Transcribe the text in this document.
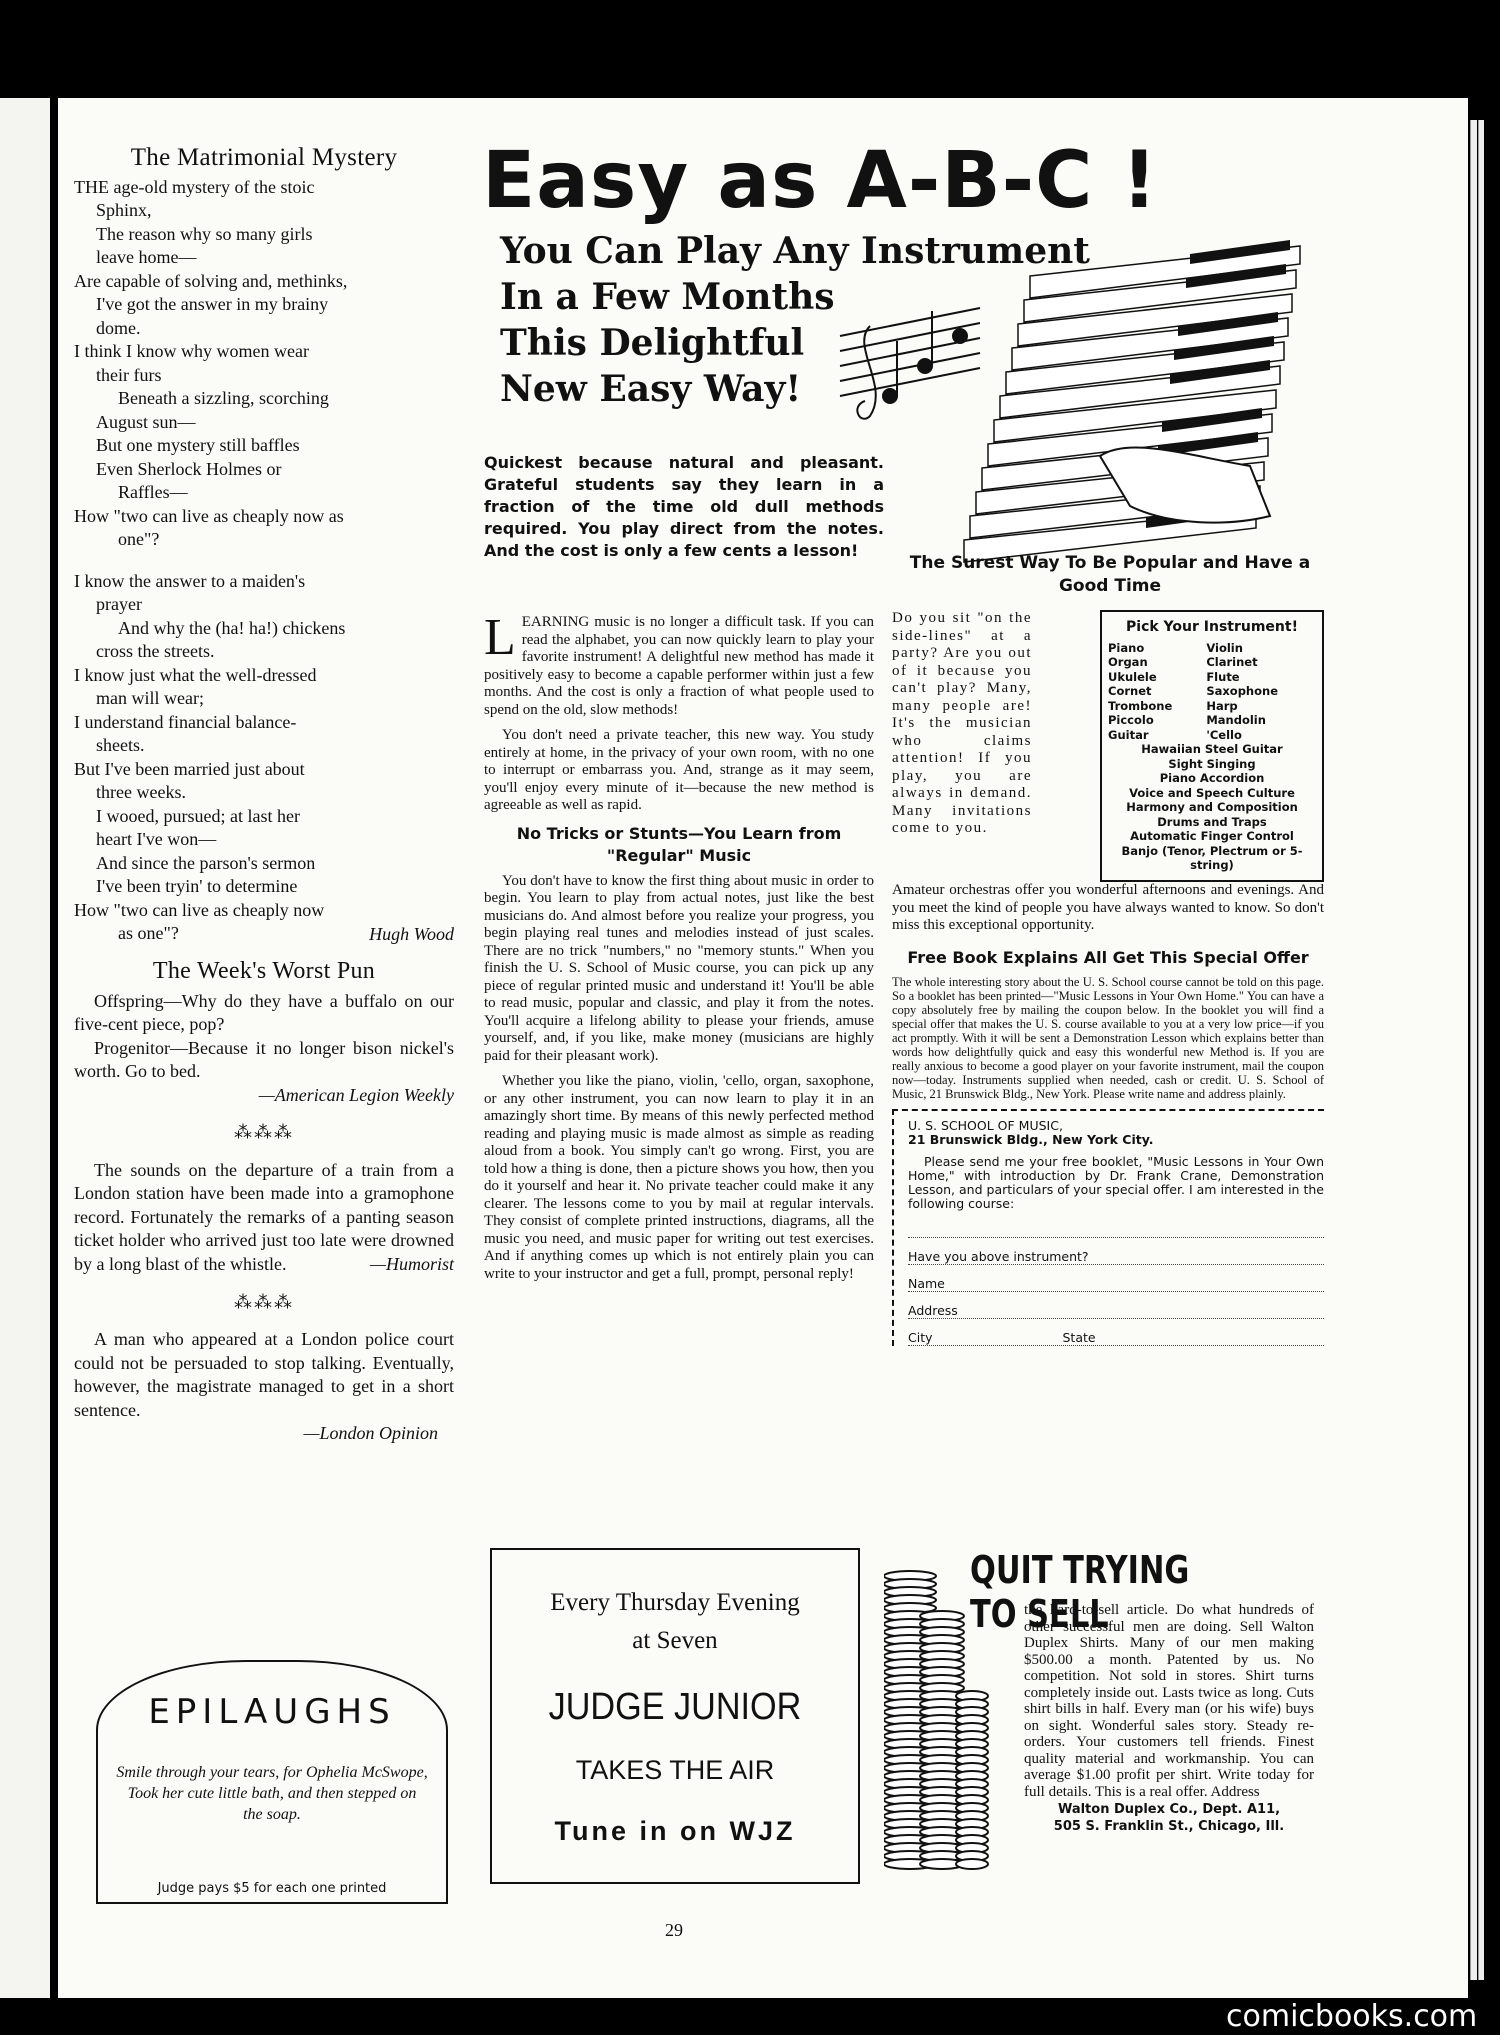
The Matrimonial Mystery
THE age-old mystery of the stoic
Sphinx,
The reason why so many girls
leave home—
Are capable of solving and, methinks,
I've got the answer in my brainy
dome.
I think I know why women wear
their furs
Beneath a sizzling, scorching
August sun—
But one mystery still baffles
Even Sherlock Holmes or
Raffles—
How "two can live as cheaply now as
one"?
I know the answer to a maiden's
prayer
And why the (ha! ha!) chickens
cross the streets.
I know just what the well-dressed
man will wear;
I understand financial balance-
sheets.
But I've been married just about
three weeks.
I wooed, pursued; at last her
heart I've won—
And since the parson's sermon
I've been tryin' to determine
How "two can live as cheaply now
as one"?	Hugh Wood
The Week's Worst Pun
Offspring—Why do they have a buffalo on our five-cent piece, pop?
Progenitor—Because it no longer bison nickel's worth. Go to bed.
—American Legion Weekly
⁂⁂⁂
The sounds on the departure of a train from a London station have been made into a gramophone record. Fortunately the remarks of a panting season ticket holder who arrived just too late were drowned by a long blast of the whistle.	—Humorist
⁂⁂⁂
A man who appeared at a London police court could not be persuaded to stop talking. Eventually, however, the magistrate managed to get in a short sentence.
—London Opinion
EPILAUGHS
Smile through your tears, for Ophelia McSwope, Took her cute little bath, and then stepped on the soap.
Judge pays $5 for each one printed
Easy as A-B-C !
You Can Play Any Instrument
In a Few Months
This Delightful
New Easy Way!
Quickest because natural and pleasant. Grateful students say they learn in a fraction of the time old dull methods required. You play direct from the notes. And the cost is only a few cents a lesson!
The Surest Way To Be Popular and Have a Good Time

LEARNING music is no longer a difficult task. If you can read the alphabet, you can now quickly learn to play your favorite instrument! A delightful new method has made it positively easy to become a capable performer within just a few months. And the cost is only a fraction of what people used to spend on the old, slow methods!

You don't need a private teacher, this new way. You study entirely at home, in the privacy of your own room, with no one to interrupt or embarrass you. And, strange as it may seem, you'll enjoy every minute of it—because the new method is agreeable as well as rapid.

No Tricks or Stunts—You Learn from "Regular" Music

You don't have to know the first thing about music in order to begin. You learn to play from actual notes, just like the best musicians do. And almost before you realize your progress, you begin playing real tunes and melodies instead of just scales. There are no trick "numbers," no "memory stunts." When you finish the U. S. School of Music course, you can pick up any piece of regular printed music and understand it! You'll be able to read music, popular and classic, and play it from the notes. You'll acquire a lifelong ability to please your friends, amuse yourself, and, if you like, make money (musicians are highly paid for their pleasant work).

Whether you like the piano, violin, 'cello, organ, saxophone, or any other instrument, you can now learn to play it in an amazingly short time. By means of this newly perfected method reading and playing music is made almost as simple as reading aloud from a book. You simply can't go wrong. First, you are told how a thing is done, then a picture shows you how, then you do it yourself and hear it. No private teacher could make it any clearer. The lessons come to you by mail at regular intervals. They consist of complete printed instructions, diagrams, all the music you need, and music paper for writing out test exercises. And if anything comes up which is not entirely plain you can write to your instructor and get a full, prompt, personal reply!

Pick Your Instrument!
Piano	Violin
Organ	Clarinet
Ukulele	Flute
Cornet	Saxophone
Trombone	Harp
Piccolo	Mandolin
Guitar	'Cello
Hawaiian Steel Guitar
Sight Singing
Piano Accordion
Voice and Speech Culture
Harmony and Composition
Drums and Traps
Automatic Finger Control
Banjo (Tenor, Plectrum or 5-string)
Do you sit "on the side-lines" at a party? Are you out of it because you can't play? Many, many people are! It's the musician who claims attention! If you play, you are always in demand. Many invitations come to you.
Amateur orchestras offer you wonderful afternoons and evenings. And you meet the kind of people you have always wanted to know. So don't miss this exceptional opportunity.
Free Book Explains All Get This Special Offer
The whole interesting story about the U. S. School course cannot be told on this page. So a booklet has been printed—"Music Lessons in Your Own Home." You can have a copy absolutely free by mailing the coupon below. In the booklet you will find a special offer that makes the U. S. course available to you at a very low price—if you act promptly. With it will be sent a Demonstration Lesson which explains better than words how delightfully quick and easy this wonderful new Method is. If you are really anxious to become a good player on your favorite instrument, mail the coupon now—today. Instruments supplied when needed, cash or credit. U. S. School of Music, 21 Brunswick Bldg., New York. Please write name and address plainly.
U. S. SCHOOL OF MUSIC,
21 Brunswick Bldg., New York City.
Please send me your free booklet, "Music Lessons in Your Own Home," with introduction by Dr. Frank Crane, Demonstration Lesson, and particulars of your special offer. I am interested in the following course:
Have you above instrument?
Name
Address
City	State
Every Thursday Evening
at Seven
JUDGE JUNIOR
TAKES THE AIR
Tune in on WJZ
QUIT TRYING TO SELL
the hard-to-sell article. Do what hundreds of other successful men are doing. Sell Walton Duplex Shirts. Many of our men making $500.00 a month. Patented by us. No competition. Not sold in stores. Shirt turns completely inside out. Lasts twice as long. Cuts shirt bills in half. Every man (or his wife) buys on sight. Wonderful sales story. Steady re-orders. Your customers tell friends. Finest quality material and workmanship. You can average $1.00 profit per shirt. Write today for full details. This is a real offer. Address
Walton Duplex Co., Dept. A11,
505 S. Franklin St., Chicago, Ill.
29
comicbooks.com
